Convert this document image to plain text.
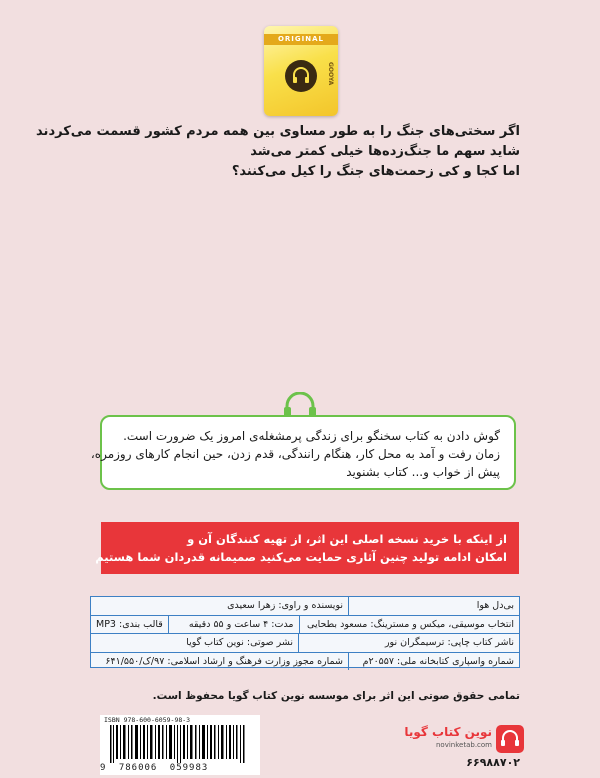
ORIGINAL
GOOYA
اگر سختی‌های جنگ را به طور مساوی بین همه مردم کشور قسمت می‌کردند
شاید سهم ما جنگ‌زده‌ها خیلی کمتر می‌شد
اما کجا و کی زحمت‌های جنگ را کیل می‌کنند؟
گوش دادن به کتاب سخنگو برای زندگی پرمشغله‌ی امروز یک ضرورت است.
زمان رفت و آمد به محل کار، هنگام رانندگی، قدم زدن، حین انجام کارهای روزمره،
پیش از خواب و... کتاب بشنوید
از اینکه با خرید نسخه اصلی این اثر، از تهیه کنندگان آن و
امکان ادامه تولید چنین آثاری حمایت می‌کنید صمیمانه قدردان شما هستیم
بی‌دل هوا
نویسنده و راوی: زهرا سعیدی
انتخاب موسیقی، میکس و مسترینگ: مسعود بطحایی
مدت: ۴ ساعت و ۵۵ دقیقه
قالب بندی: MP3
ناشر کتاب چاپی: ترسیمگران نور
نشر صوتی: نوین کتاب گویا
شماره واسپاری کتابخانه ملی: ۲۰۵۵۷م
شماره مجوز وزارت فرهنگ و ارشاد اسلامی: ۹۷/ک/۶۴۱/۵۵۰
تمامی حقوق صوتی این اثر برای موسسه نوین کتاب گویا محفوظ است.
ISBN 978-600-6059-98-3
9 786006 059983
نوین کتاب گویا
novinketab.com
۶۶۹۸۸۷۰۲
